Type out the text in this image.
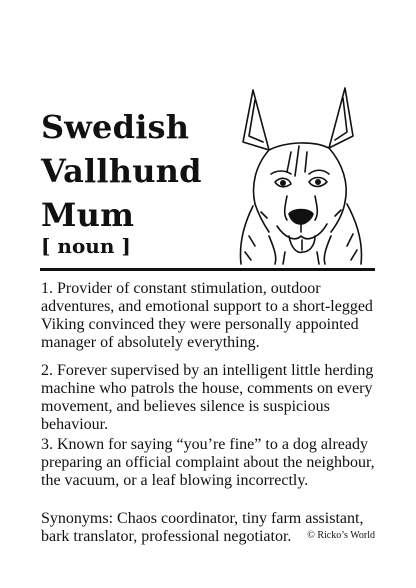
Swedish
Vallhund
Mum
[ noun ]

1. Provider of constant stimulation, outdoor adventures, and emotional support to a short-legged Viking convinced they were personally appointed manager of absolutely everything.

2. Forever supervised by an intelligent little herding machine who patrols the house, comments on every movement, and believes silence is suspicious behaviour.

3. Known for saying “you’re fine” to a dog already preparing an official complaint about the neighbour, the vacuum, or a leaf blowing incorrectly.

Synonyms: Chaos coordinator, tiny farm assistant, bark translator, professional negotiator.	© Ricko’s World
